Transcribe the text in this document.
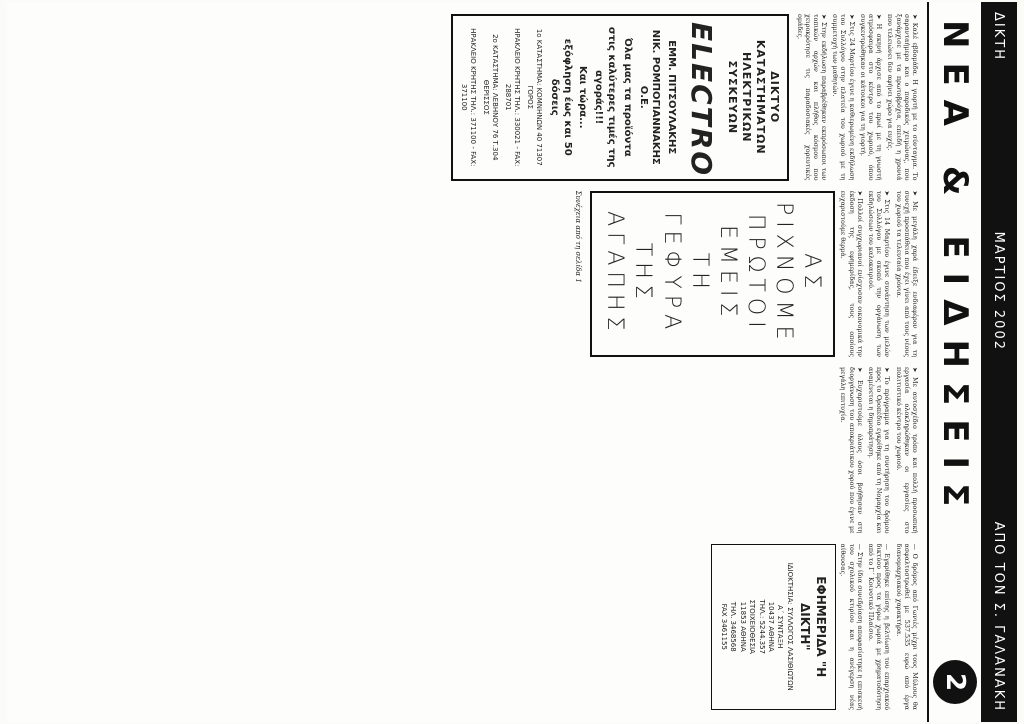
ΔΙΚΤΗ
ΜΑΡΤΙΟΣ 2002
ΑΠΟ ΤΟΝ Σ. ΓΑΛΑΝΑΚΗ
ΝΕΑ & ΕΙΔΗΣΕΙΣ
2

➤ Καλέ εβδομάδα. Η γιορτή με το σύνταγμα. Το σαρανταήμερο και ο παροδικός χειμώνας, που ξανάρχισε με τα πρωτοβρόχια, επειδή η χρονιά που τελειώνει δεν αφήνει χώρο για ευχές.

➤ Η σκηνή άρχισε από το πρωί με τη γνωστή ατμόσφαιρα στο κέντρο του χωριού, όπου συγκεντρώθηκαν οι κάτοικοι για τη γιορτή.

➤ Στις 24 Μαρτίου έγινε η καθιερωμένη εκδήλωση του Συλλόγου στην πλατεία του χωριού με τη συμμετοχή των μαθητών.

➤ Στην εκδήλωση παραβρέθηκαν εκπρόσωποι των τοπικών αρχών και πλήθος κόσμου που χειροκρότησε τις παραδοσιακές χορευτικές ομάδες.

ΔΙΚΤΥΟ ΚΑΤΑΣΤΗΜΑΤΩΝ ΗΛΕΚΤΡΙΚΩΝ ΣΥΣΚΕΥΩΝ
ELECTRO
ΕΜΜ. ΠΙΤΣΟΥΛΑΚΗΣ
ΝΙΚ. ΡΟΜΠΟΓΙΑΝΝΑΚΗΣ Ο.Ε.
Όλα μας τα προϊόντα
στις καλύτερες τιμές της αγοράς!!!
Και τώρα...
εξόφληση έως και 50 δόσεις
1ο ΚΑΤΑΣΤΗΜΑ: ΚΟΜΝΗΝΩΝ 40 71307 ΓΟΡΟΣ
ΗΡΑΚΛΕΙΟ ΚΡΗΤΗΣ ΤΗΛ.: 330021 - FAX: 288701
2ο ΚΑΤΑΣΤΗΜΑ: ΛΕΒΗΝΟΥ 76 Τ.304 ΘΕΡΙΣΣΟΣ
ΗΡΑΚΛΕΙΟ ΚΡΗΤΗΣ ΤΗΛ.: 371100 - FAX: 371100

➤ Με μεγάλη χαρά έδειξε ενδιαφέρον για τη συνεχή προσπάθεια που έχει γίνει από τους νέους του χωριού τα τελευταία χρόνια.

➤ Στις 14 Μαρτίου έγινε συνάντηση των μελών του Συλλόγου με σκοπό την οργάνωση των εκδηλώσεων του καλοκαιριού.

➤ Πολλοί συγχωριανοί ενίσχυσαν οικονομικά την έκδοση της εφημερίδας, τους οποίους ευχαριστούμε θερμά.

ΑΣ ΡΙΧΝΟΜΕ ΠΡΩΤΟΙ ΕΜΕΙΣ
ΤΗ ΓΕΦΥΡΑ ΤΗΣ ΑΓΑΠΗΣ
Συνέχεια από τη σελίδα 1

➤ Με αυτοσχέδιο τρόπο και πολλή προσωπική εργασία ολοκληρώθηκαν οι εργασίες στο πολιτιστικό κέντρο του χωριού.

➤ Το πρόγραμμα για τη συντήρηση του δρόμου προς το Οροπέδιο εγκρίθηκε από τη Νομαρχία και αναμένεται η δημοπράτηση.

➤ Ευχαριστούμε όλους όσοι βοήθησαν στη διοργάνωση του αποκριάτικου χορού που έγινε με μεγάλη επιτυχία.

— Ο δρόμος από Γωνιές μέχρι τους Μύλους θα ασφαλτοστρωθεί με 537.535 ευρώ από έργα διανομαρχιακού χαρακτήρα.

— Εγκρίθηκε επίσης η βελτίωση του επαρχιακού δικτύου προς τα γύρω χωριά με χρηματοδότηση από το Γ΄ Κοινοτικό Πλαίσιο.

— Στην ίδια συνεδρίαση αποφασίστηκε η επισκευή του σχολικού κτιρίου και η ανέγερση νέας αίθουσας.

ΕΦΗΜΕΡΙΔΑ "Η ΔΙΚΤΗ"
ΙΔΙΟΚΤΗΣΙΑ: ΣΥΛΛΟΓΟΣ ΛΑΣΙΘΙΩΤΩΝ
Α΄ ΣΥΝΤΑΞΗ
10437 ΑΘΗΝΑ
ΤΗΛ.: 5244.357
ΣΤΟΙΧΕΙΟΘΕΣΙΑ
11853 ΑΘΗΝΑ
ΤΗΛ. 3468568
FAX 3461155
